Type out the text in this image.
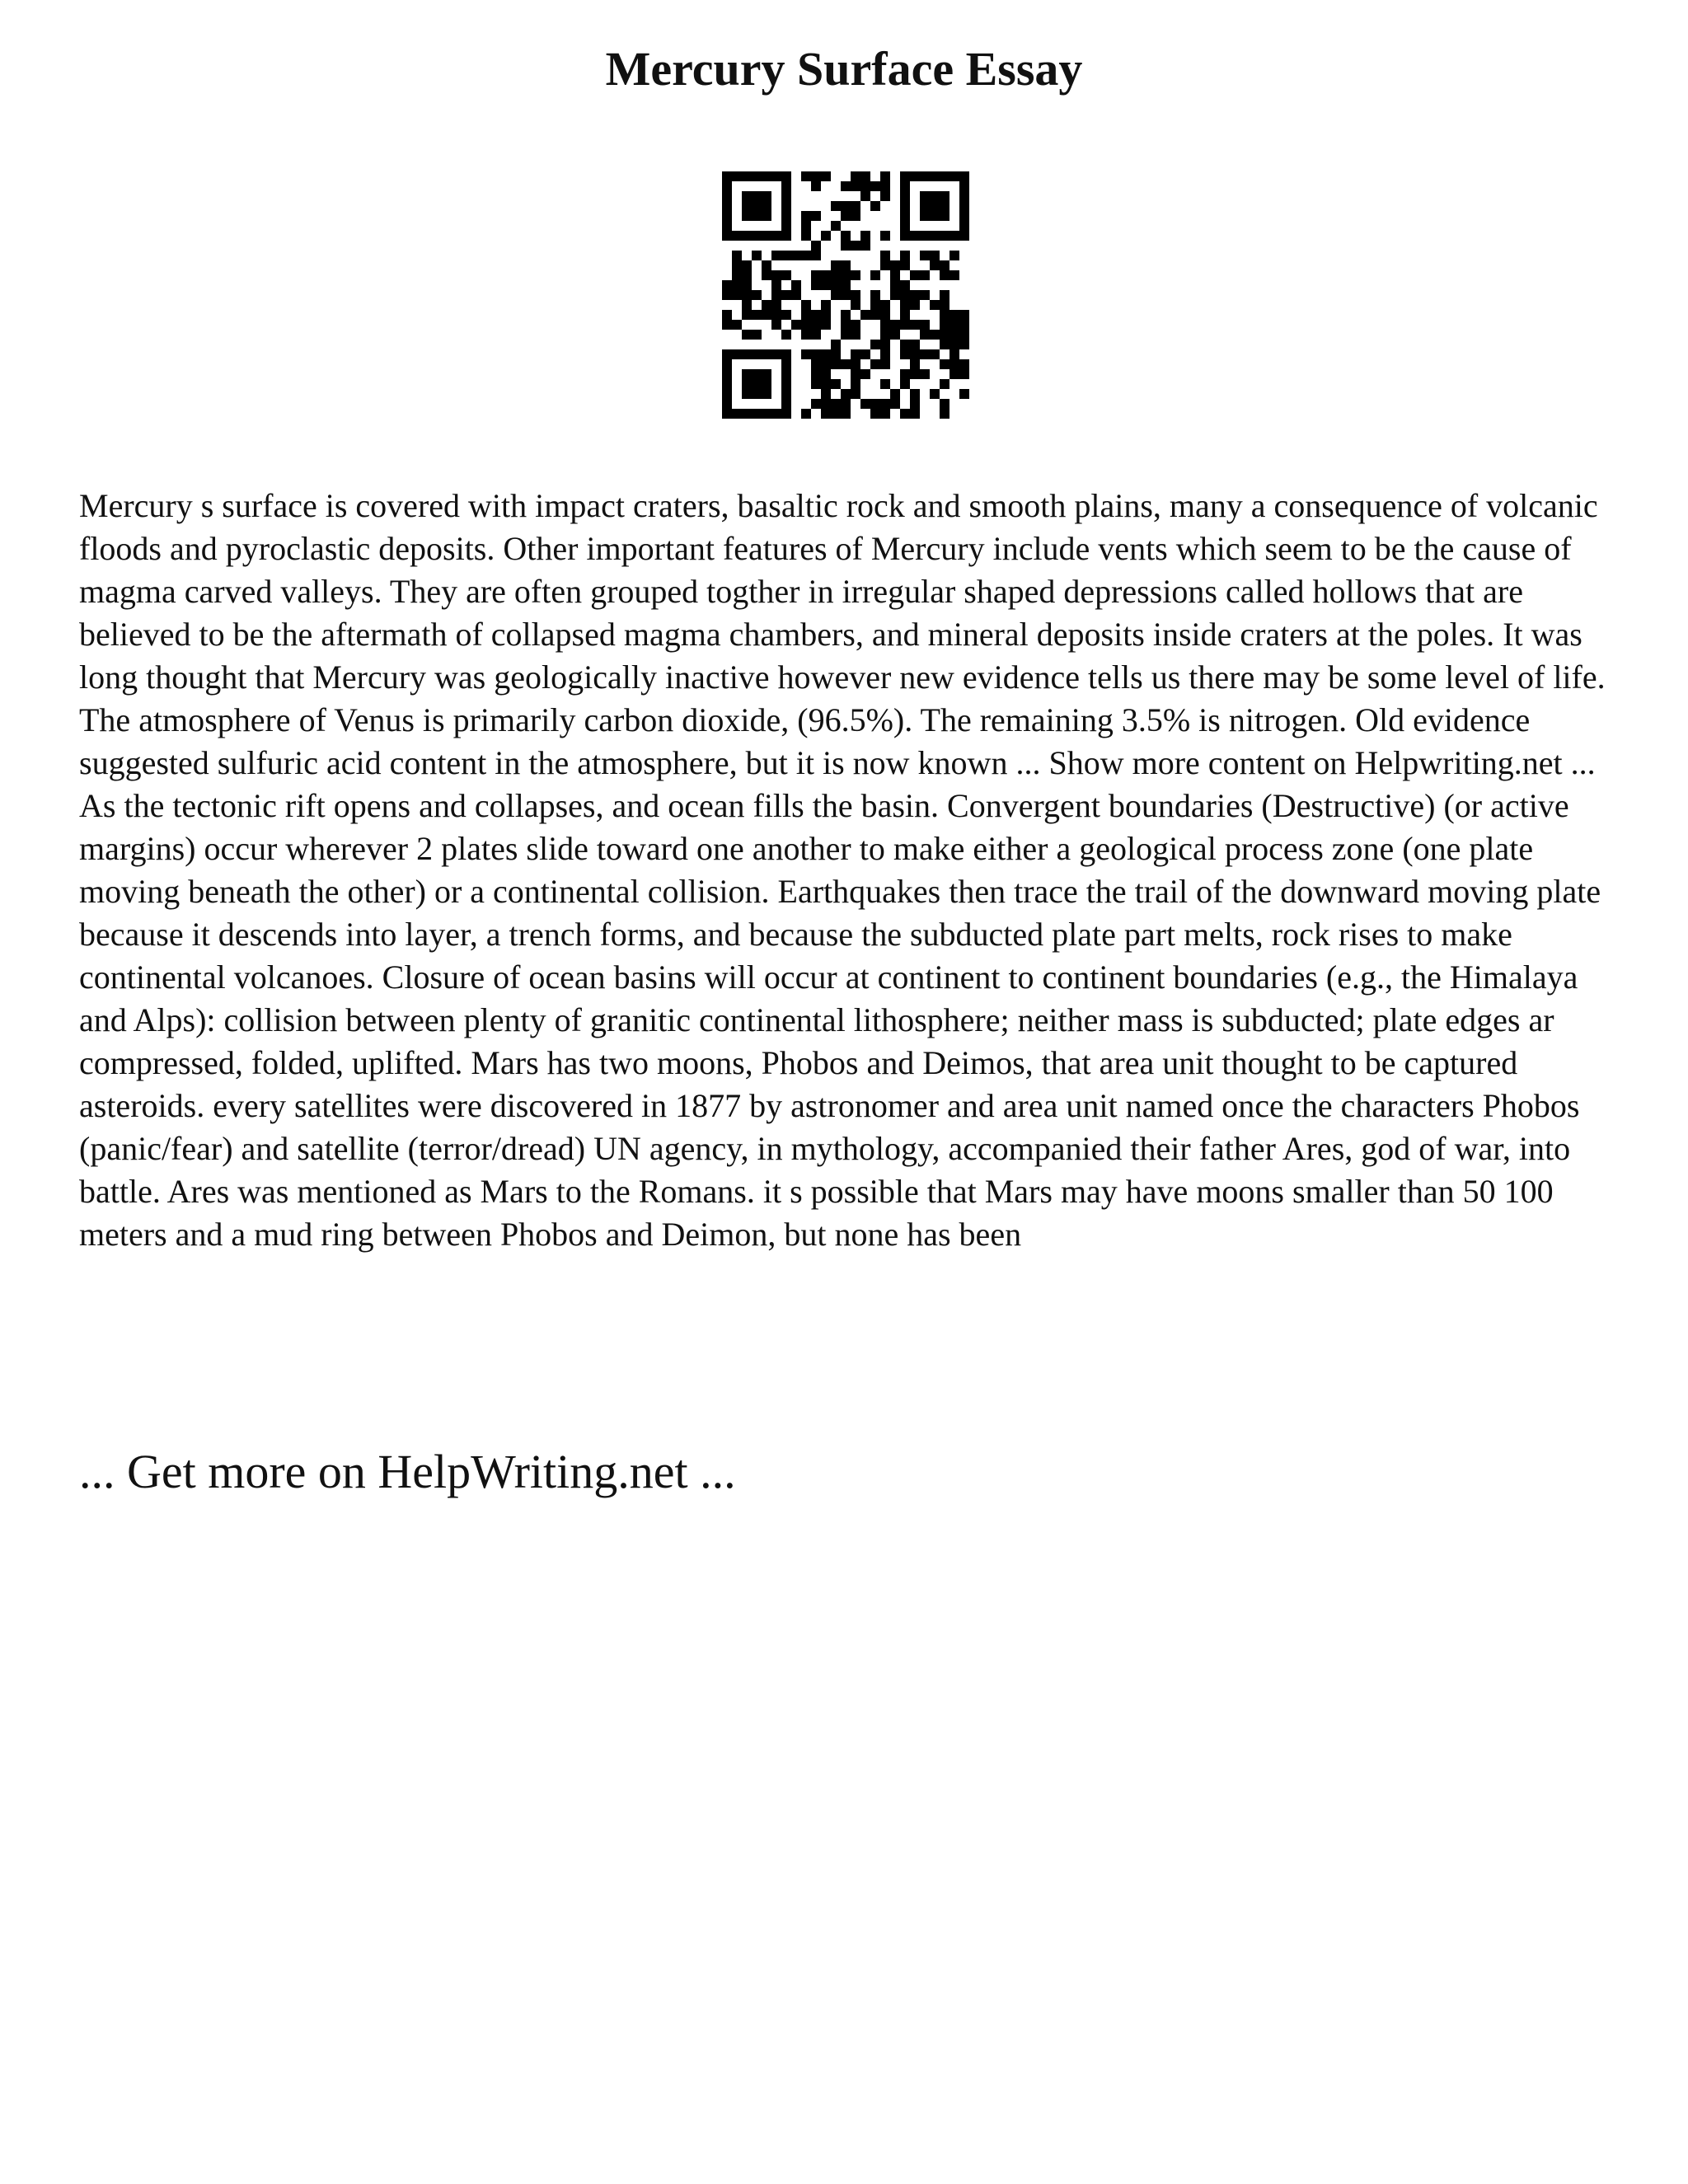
Mercury Surface Essay

Mercury s surface is covered with impact craters, basaltic rock and smooth plains, many a consequence of volcanic floods and pyroclastic deposits. Other important features of Mercury include vents which seem to be the cause of magma carved valleys. They are often grouped togther in irregular shaped depressions called hollows that are believed to be the aftermath of collapsed magma chambers, and mineral deposits inside craters at the poles. It was long thought that Mercury was geologically inactive however new evidence tells us there may be some level of life. The atmosphere of Venus is primarily carbon dioxide, (96.5%). The remaining 3.5% is nitrogen. Old evidence suggested sulfuric acid content in the atmosphere, but it is now known ... Show more content on Helpwriting.net ...

As the tectonic rift opens and collapses, and ocean fills the basin. Convergent boundaries (Destructive) (or active margins) occur wherever 2 plates slide toward one another to make either a geological process zone (one plate moving beneath the other) or a continental collision. Earthquakes then trace the trail of the downward moving plate because it descends into layer, a trench forms, and because the subducted plate part melts, rock rises to make continental volcanoes. Closure of ocean basins will occur at continent to continent boundaries (e.g., the Himalaya and Alps): collision between plenty of granitic continental lithosphere; neither mass is subducted; plate edges ar compressed, folded, uplifted. Mars has two moons, Phobos and Deimos, that area unit thought to be captured asteroids. every satellites were discovered in 1877 by astronomer and area unit named once the characters Phobos (panic/fear) and satellite (terror/dread) UN agency, in mythology, accompanied their father Ares, god of war, into battle. Ares was mentioned as Mars to the Romans. it s possible that Mars may have moons smaller than 50 100 meters and a mud ring between Phobos and Deimon, but none has been

... Get more on HelpWriting.net ...
